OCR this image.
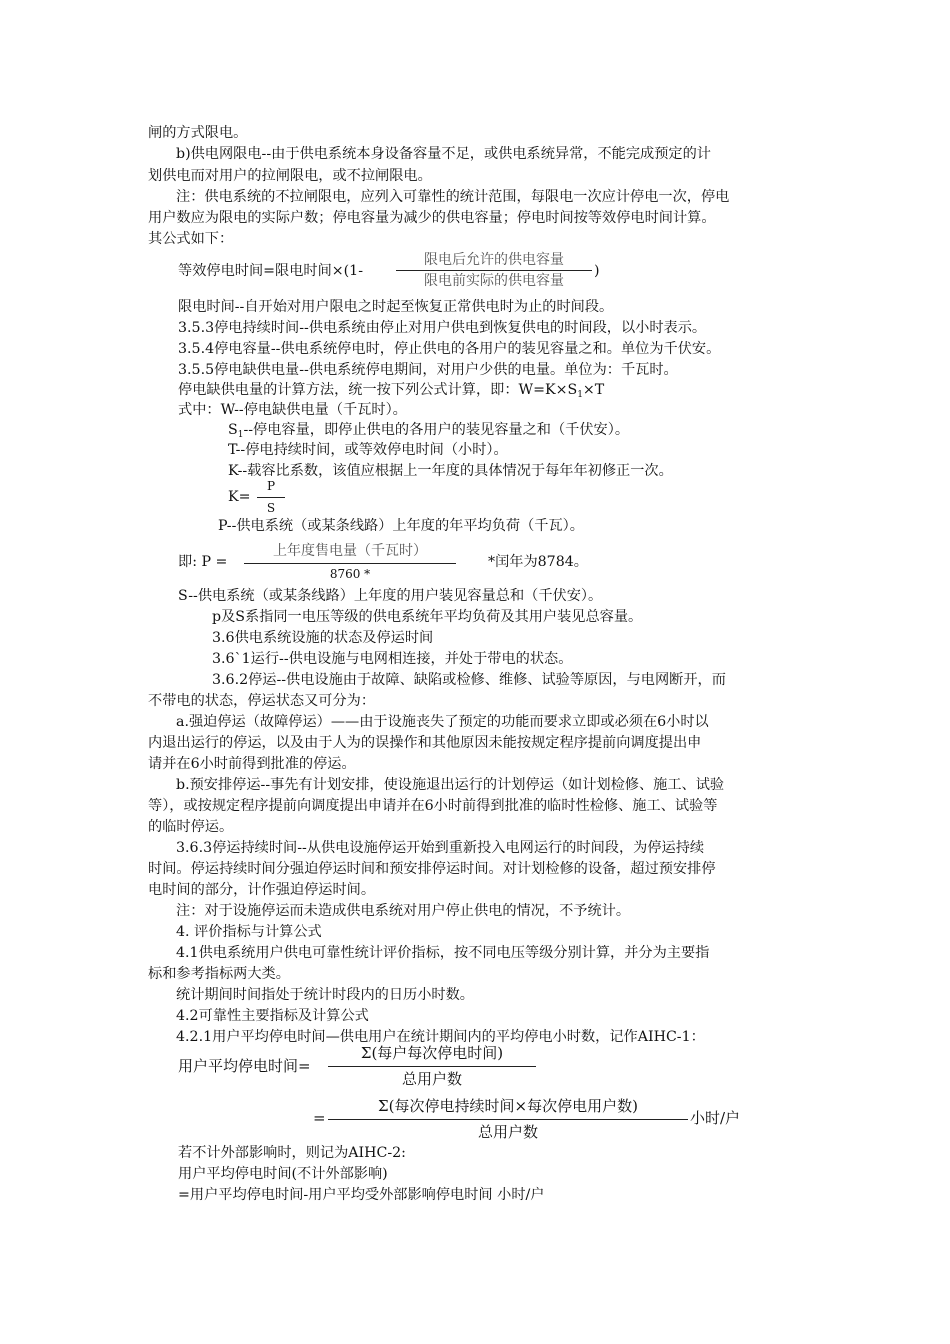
闸的方式限电。
b)供电网限电--由于供电系统本身设备容量不足，或供电系统异常，不能完成预定的计
划供电而对用户的拉闸限电，或不拉闸限电。
注：供电系统的不拉闸限电，应列入可靠性的统计范围，每限电一次应计停电一次，停电
用户数应为限电的实际户数；停电容量为减少的供电容量；停电时间按等效停电时间计算。
其公式如下：
等效停电时间=限电时间×(1-
限电后允许的供电容量
限电前实际的供电容量
)
限电时间--自开始对用户限电之时起至恢复正常供电时为止的时间段。
3.5.3停电持续时间--供电系统由停止对用户供电到恢复供电的时间段，以小时表示。
3.5.4停电容量--供电系统停电时，停止供电的各用户的装见容量之和。单位为千伏安。
3.5.5停电缺供电量--供电系统停电期间，对用户少供的电量。单位为：千瓦时。
停电缺供电量的计算方法，统一按下列公式计算，即：$W=K\times S_1\times T$
式中：W--停电缺供电量（千瓦时）。
$S_1--$停电容量，即停止供电的各用户的装见容量之和（千伏安）。
T--停电持续时间，或等效停电时间（小时）。
K--载容比系数，该值应根据上一年度的具体情况于每年年初修正一次。
K=
P
S
P--供电系统（或某条线路）上年度的年平均负荷（千瓦）。
即: P =
上年度售电量（千瓦时）
8760 *
*闰年为8784。
S--供电系统（或某条线路）上年度的用户装见容量总和（千伏安）。
p及S系指同一电压等级的供电系统年平均负荷及其用户装见总容量。
3.6供电系统设施的状态及停运时间
3.6`1运行--供电设施与电网相连接，并处于带电的状态。
3.6.2停运--供电设施由于故障、缺陷或检修、维修、试验等原因，与电网断开，而
不带电的状态，停运状态又可分为：
a.强迫停运（故障停运）——由于设施丧失了预定的功能而要求立即或必须在6小时以
内退出运行的停运，以及由于人为的误操作和其他原因未能按规定程序提前向调度提出申
请并在6小时前得到批准的停运。
b.预安排停运--事先有计划安排，使设施退出运行的计划停运（如计划检修、施工、试验
等），或按规定程序提前向调度提出申请并在6小时前得到批准的临时性检修、施工、试验等
的临时停运。
3.6.3停运持续时间--从供电设施停运开始到重新投入电网运行的时间段，为停运持续
时间。停运持续时间分强迫停运时间和预安排停运时间。对计划检修的设备，超过预安排停
电时间的部分，计作强迫停运时间。
注：对于设施停运而未造成供电系统对用户停止供电的情况，不予统计。
4. 评价指标与计算公式
4.1供电系统用户供电可靠性统计评价指标，按不同电压等级分别计算，并分为主要指
标和参考指标两大类。
统计期间时间指处于统计时段内的日历小时数。
4.2可靠性主要指标及计算公式
4.2.1用户平均停电时间—供电用户在统计期间内的平均停电小时数，记作AIHC-1：
用户平均停电时间=
Σ(每户每次停电时间)
总用户数
=
Σ(每次停电持续时间×每次停电用户数)
总用户数
小时/户
若不计外部影响时，则记为AIHC-2:
用户平均停电时间(不计外部影响)
=用户平均停电时间-用户平均受外部影响停电时间 小时/户
